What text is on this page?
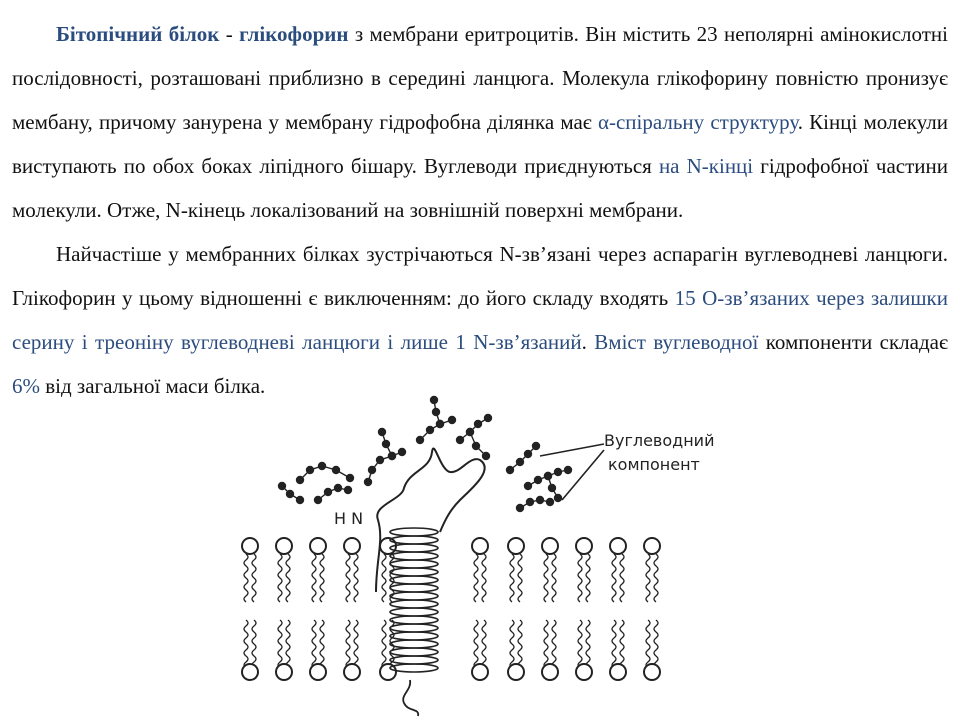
Бітопічний білок - глікофорин з мембрани еритроцитів. Він містить 23 неполярні амінокислотні послідовності, розташовані приблизно в середині ланцюга. Молекула глікофорину повністю пронизує мембану, причому занурена у мембрану гідрофобна ділянка має α-спіральну структуру. Кінці молекули виступають по обох боках ліпідного бішару. Вуглеводи приєднуються на N-кінці гідрофобної частини молекули. Отже, N-кінець локалізований на зовнішній поверхні мембрани.

Найчастіше у мембранних білках зустрічаються N-зв’язані через аспарагін вуглеводневі ланцюги. Глікофорин у цьому відношенні є виключенням: до його складу входять 15 О-зв’язаних через залишки серину і треоніну вуглеводневі ланцюги і лише 1 N-зв’язаний. Вміст вуглеводної компоненти складає 6% від загальної маси білка.

Вуглеводний
компонент
H N
